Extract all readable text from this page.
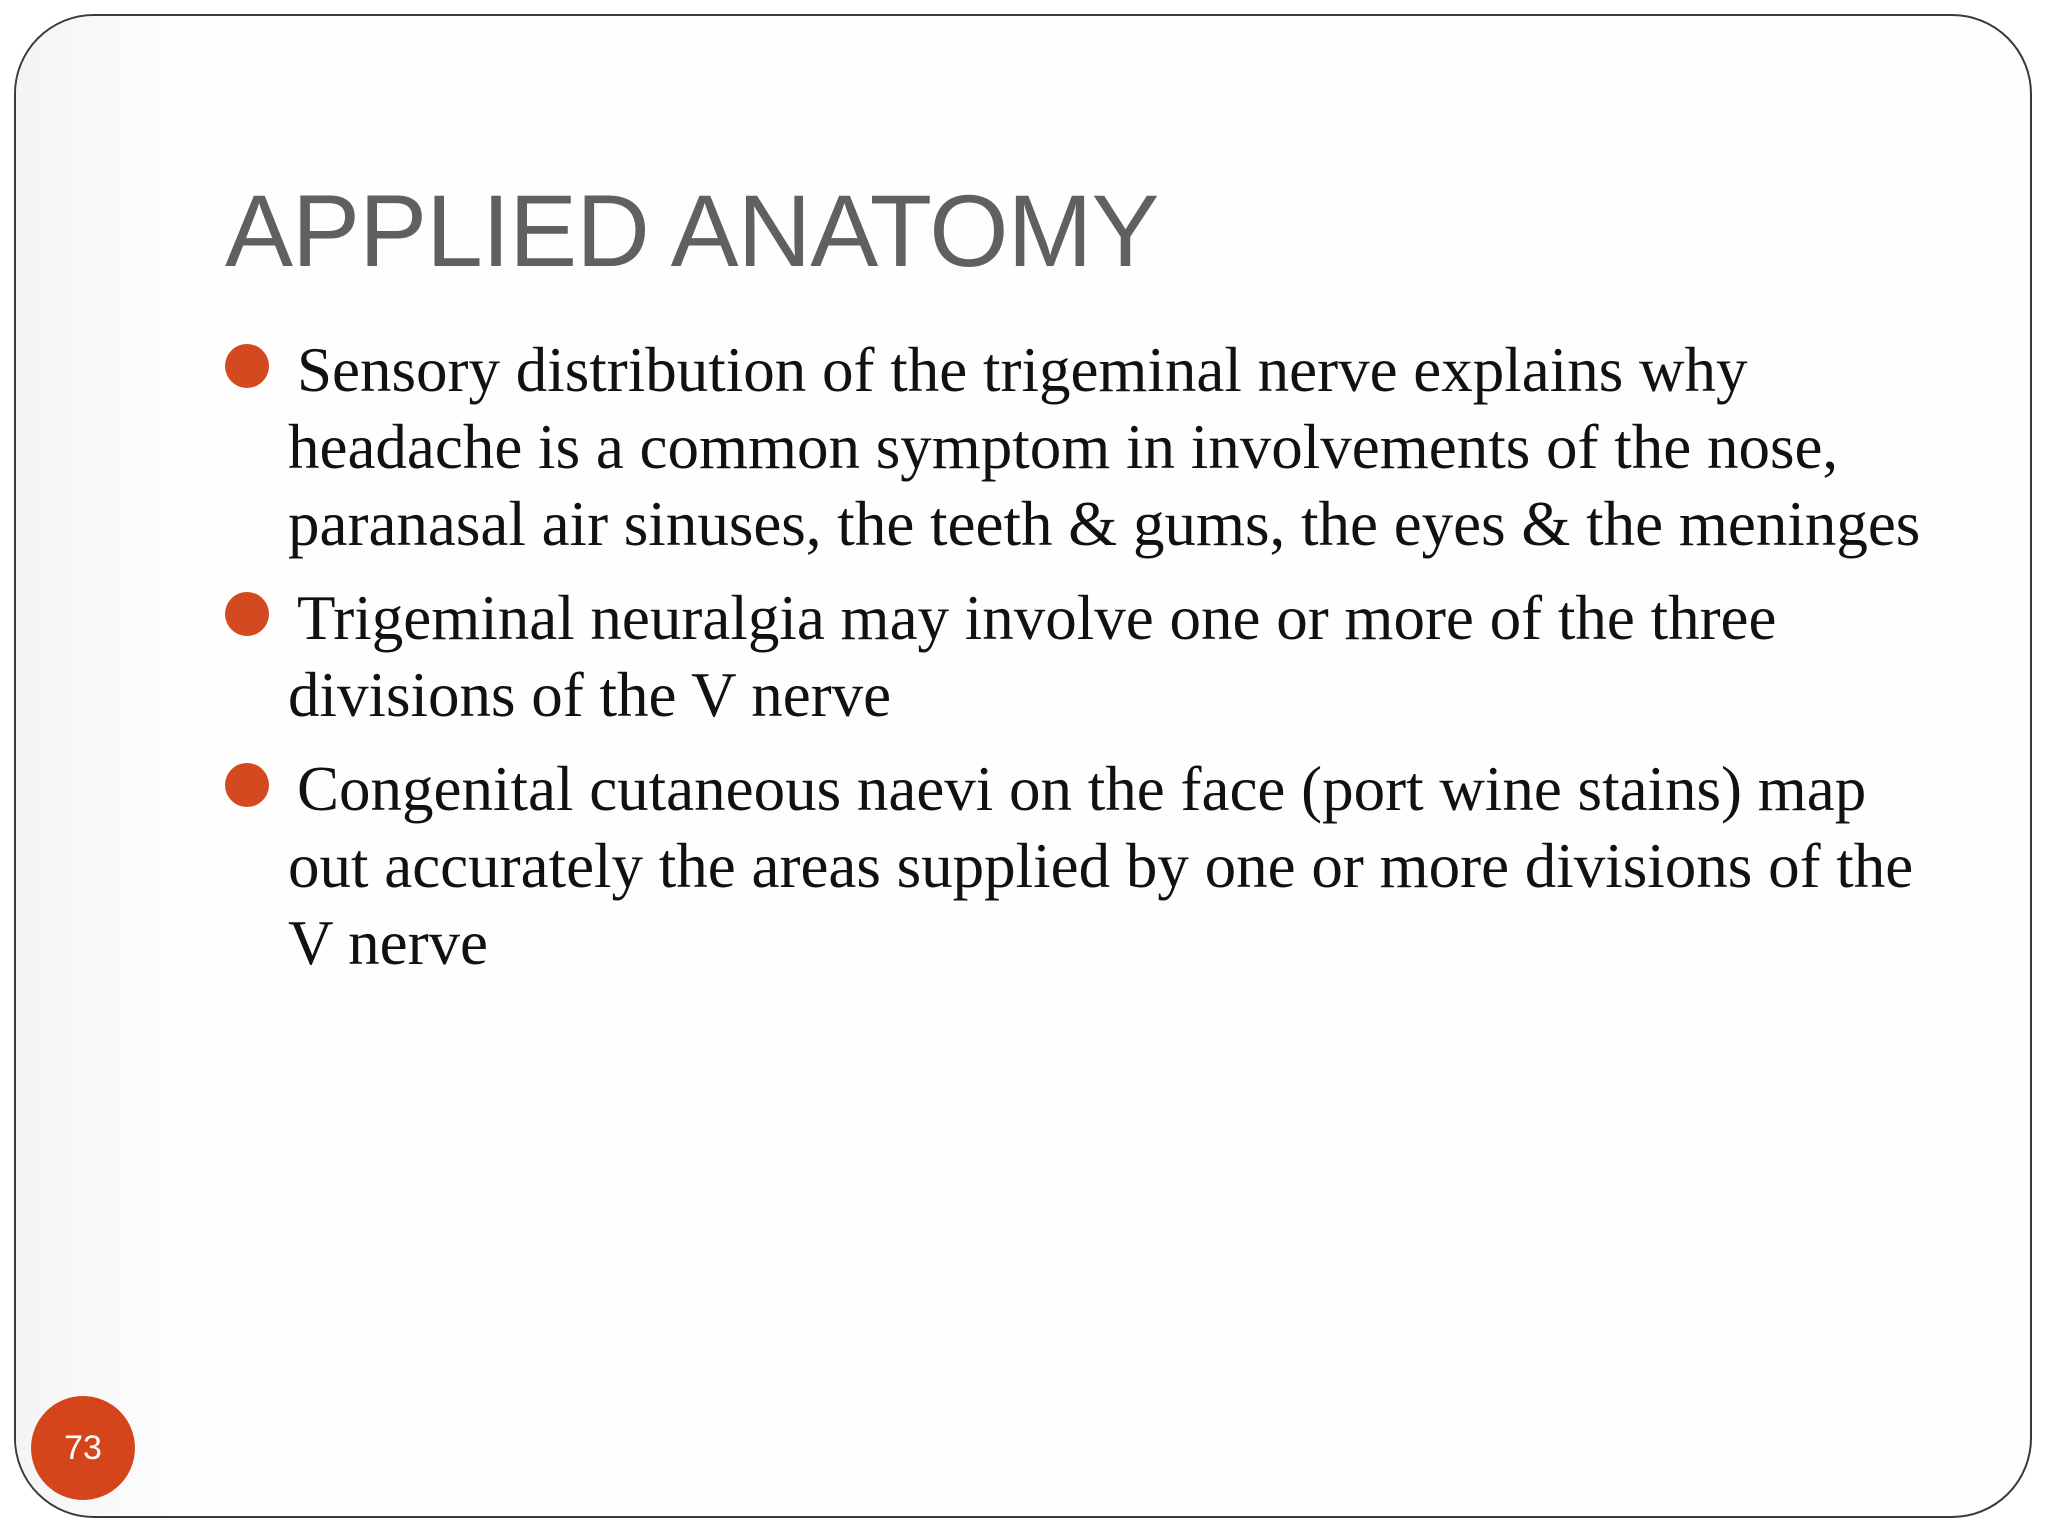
APPLIED ANATOMY
Sensory distribution of the trigeminal nerve explains why headache is a common symptom in involvements of the nose, paranasal air sinuses, the teeth & gums, the eyes & the meninges
Trigeminal neuralgia may involve one or more of the three divisions of the V nerve
Congenital cutaneous naevi on the face (port wine stains) map out accurately the areas supplied by one or more divisions of the V nerve
73
